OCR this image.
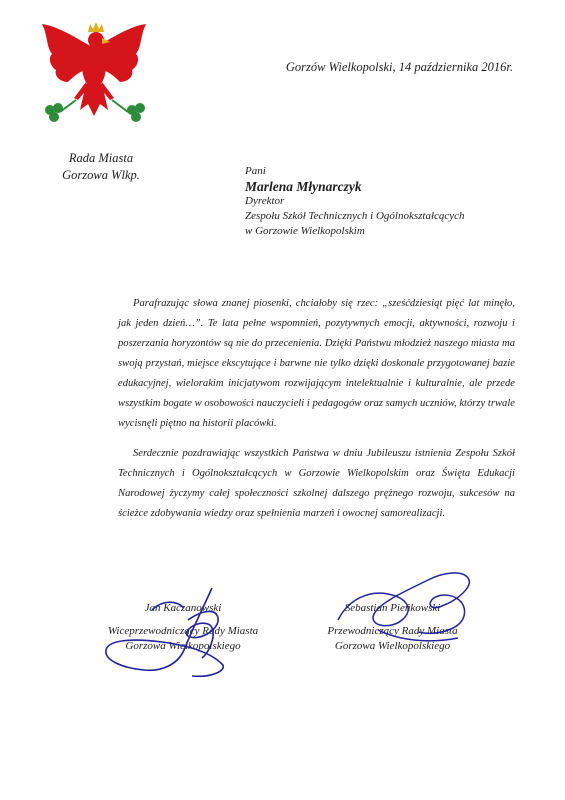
Rada Miasta
Gorzowa Wlkp.
Gorzów Wielkopolski, 14 października 2016r.
Pani
Marlena Młynarczyk
Dyrektor
Zespołu Szkół Technicznych i Ogólnokształcących
w Gorzowie Wielkopolskim

Parafrazując słowa znanej piosenki, chciałoby się rzec: „sześćdziesiąt pięć lat minęło, jak jeden dzień…”. Te lata pełne wspomnień, pozytywnych emocji, aktywności, rozwoju i poszerzania horyzontów są nie do przecenienia. Dzięki Państwu młodzież naszego miasta ma swoją przystań, miejsce ekscytujące i barwne nie tylko dzięki doskonale przygotowanej bazie edukacyjnej, wielorakim inicjatywom rozwijającym intelektualnie i kulturalnie, ale przede wszystkim bogate w osobowości nauczycieli i pedagogów oraz samych uczniów, którzy trwale wycisnęli piętno na historii placówki.

Serdecznie pozdrawiając wszystkich Państwa w dniu Jubileuszu istnienia Zespołu Szkół Technicznych i Ogólnokształcących w Gorzowie Wielkopolskim oraz Święta Edukacji Narodowej życzymy całej społeczności szkolnej dalszego prężnego rozwoju, sukcesów na ścieżce zdobywania wiedzy oraz spełnienia marzeń i owocnej samorealizacji.

Jan Kaczanowski
Wiceprzewodniczący Rady Miasta
Gorzowa Wielkopolskiego
Sebastian Pieńkowski
Przewodniczący Rady Miasta
Gorzowa Wielkopolskiego
